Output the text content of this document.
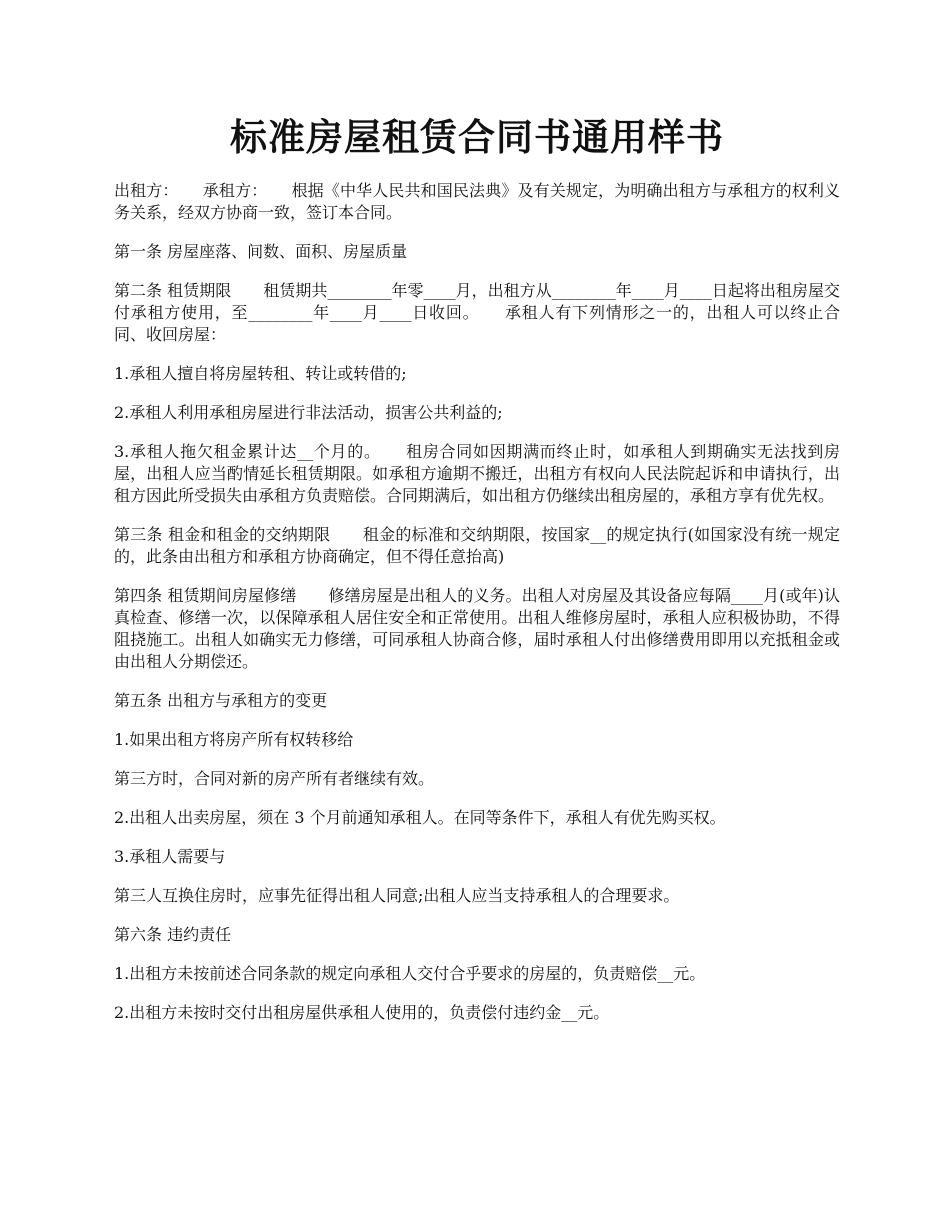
标准房屋租赁合同书通用样书

出租方：　　承租方：　　根据《中华人民共和国民法典》及有关规定，为明确出租方与承租方的权利义务关系，经双方协商一致，签订本合同。

第一条 房屋座落、间数、面积、房屋质量

第二条 租赁期限　　租赁期共________年零____月，出租方从________年____月____日起将出租房屋交付承租方使用，至________年____月____日收回。　　承租人有下列情形之一的，出租人可以终止合同、收回房屋：

1.承租人擅自将房屋转租、转让或转借的;

2.承租人利用承租房屋进行非法活动，损害公共利益的;

3.承租人拖欠租金累计达__个月的。　　租房合同如因期满而终止时，如承租人到期确实无法找到房屋，出租人应当酌情延长租赁期限。如承租方逾期不搬迁，出租方有权向人民法院起诉和申请执行，出租方因此所受损失由承租方负责赔偿。合同期满后，如出租方仍继续出租房屋的，承租方享有优先权。

第三条 租金和租金的交纳期限　　租金的标准和交纳期限，按国家__的规定执行(如国家没有统一规定的，此条由出租方和承租方协商确定，但不得任意抬高)

第四条 租赁期间房屋修缮　　修缮房屋是出租人的义务。出租人对房屋及其设备应每隔____月(或年)认真检查、修缮一次，以保障承租人居住安全和正常使用。出租人维修房屋时，承租人应积极协助，不得阻挠施工。出租人如确实无力修缮，可同承租人协商合修，届时承租人付出修缮费用即用以充抵租金或由出租人分期偿还。

第五条 出租方与承租方的变更

1.如果出租方将房产所有权转移给

第三方时，合同对新的房产所有者继续有效。

2.出租人出卖房屋，须在 3 个月前通知承租人。在同等条件下，承租人有优先购买权。

3.承租人需要与

第三人互换住房时，应事先征得出租人同意;出租人应当支持承租人的合理要求。

第六条 违约责任

1.出租方未按前述合同条款的规定向承租人交付合乎要求的房屋的，负责赔偿__元。

2.出租方未按时交付出租房屋供承租人使用的，负责偿付违约金__元。
